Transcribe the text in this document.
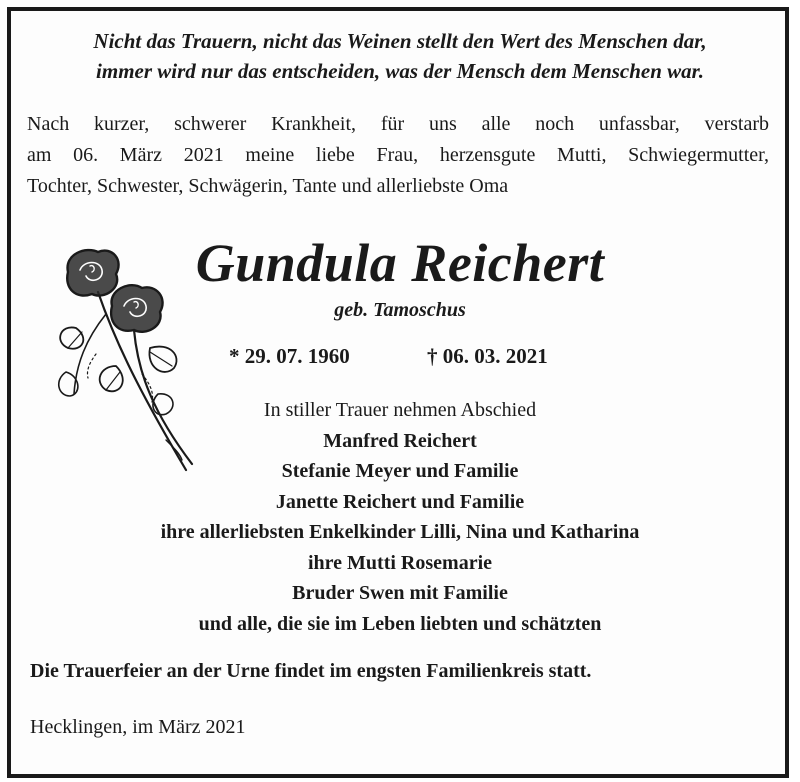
Nicht das Trauern, nicht das Weinen stellt den Wert des Menschen dar,
immer wird nur das entscheiden, was der Mensch dem Menschen war.
Nach kurzer, schwerer Krankheit, für uns alle noch unfassbar, verstarb
am 06. März 2021 meine liebe Frau, herzensgute Mutti, Schwiegermutter,
Tochter, Schwester, Schwägerin, Tante und allerliebste Oma
Gundula Reichert
geb. Tamoschus
* 29. 07. 1960	† 06. 03. 2021
In stiller Trauer nehmen Abschied
Manfred Reichert
Stefanie Meyer und Familie
Janette Reichert und Familie
ihre allerliebsten Enkelkinder Lilli, Nina und Katharina
ihre Mutti Rosemarie
Bruder Swen mit Familie
und alle, die sie im Leben liebten und schätzten
Die Trauerfeier an der Urne findet im engsten Familienkreis statt.
Hecklingen, im März 2021
